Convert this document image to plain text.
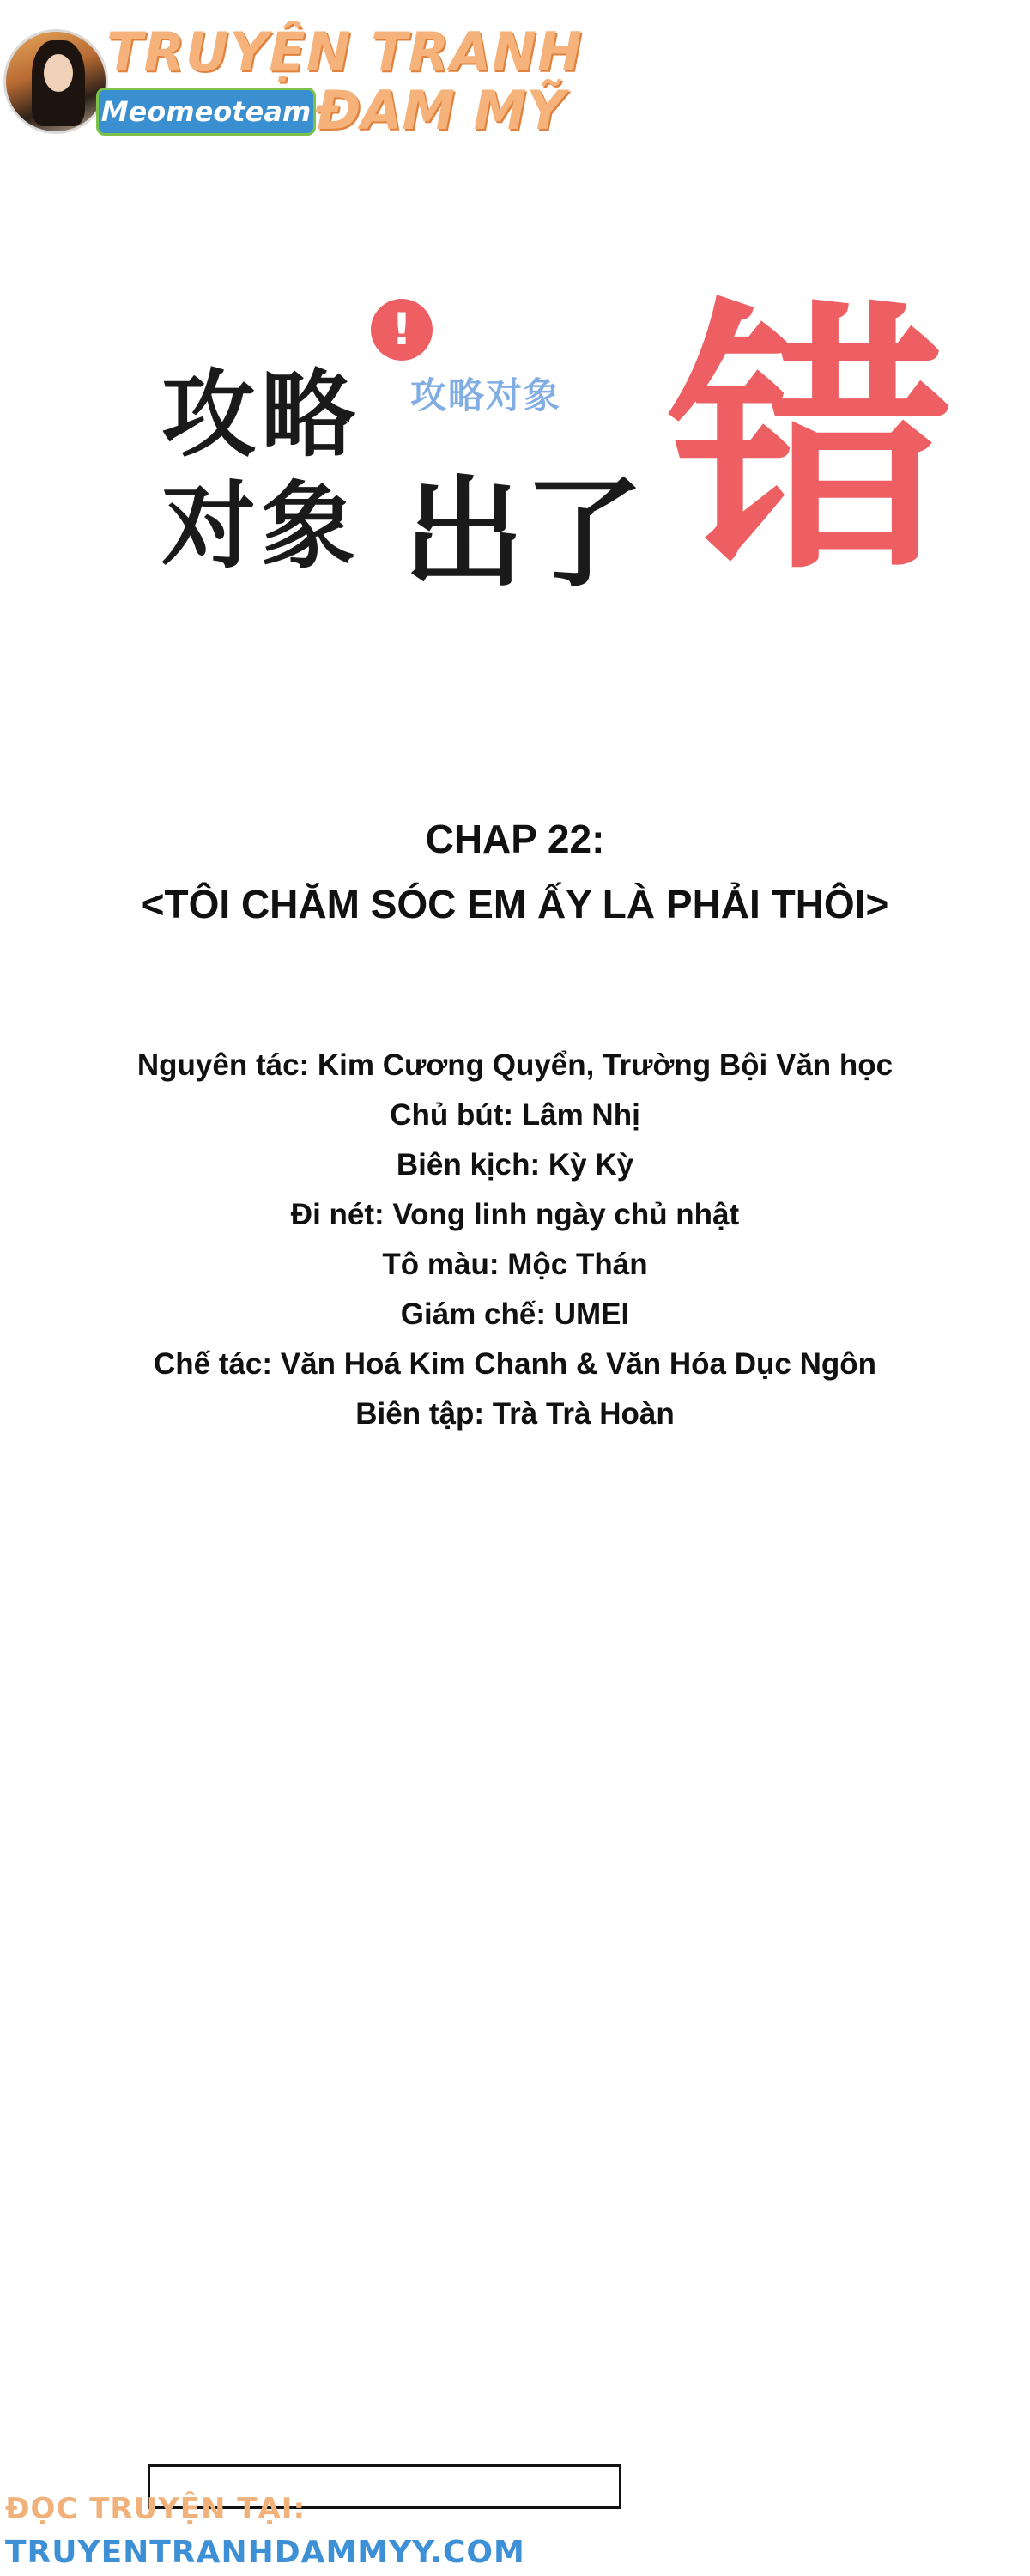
TRUYỆN TRANH
Meomeoteam ĐAM MỸ
攻略
对象 出了
!
攻略对象 错
CHAP 22:
<TÔI CHĂM SÓC EM ẤY LÀ PHẢI THÔI>
Nguyên tác: Kim Cương Quyển, Trường Bội Văn học
Chủ bút: Lâm Nhị
Biên kịch: Kỳ Kỳ
Đi nét: Vong linh ngày chủ nhật
Tô màu: Mộc Thán
Giám chế: UMEI
Chế tác: Văn Hoá Kim Chanh & Văn Hóa Dục Ngôn
Biên tập: Trà Trà Hoàn
ĐỌC TRUYỆN TẠI:
TRUYENTRANHDAMMYY.COM
